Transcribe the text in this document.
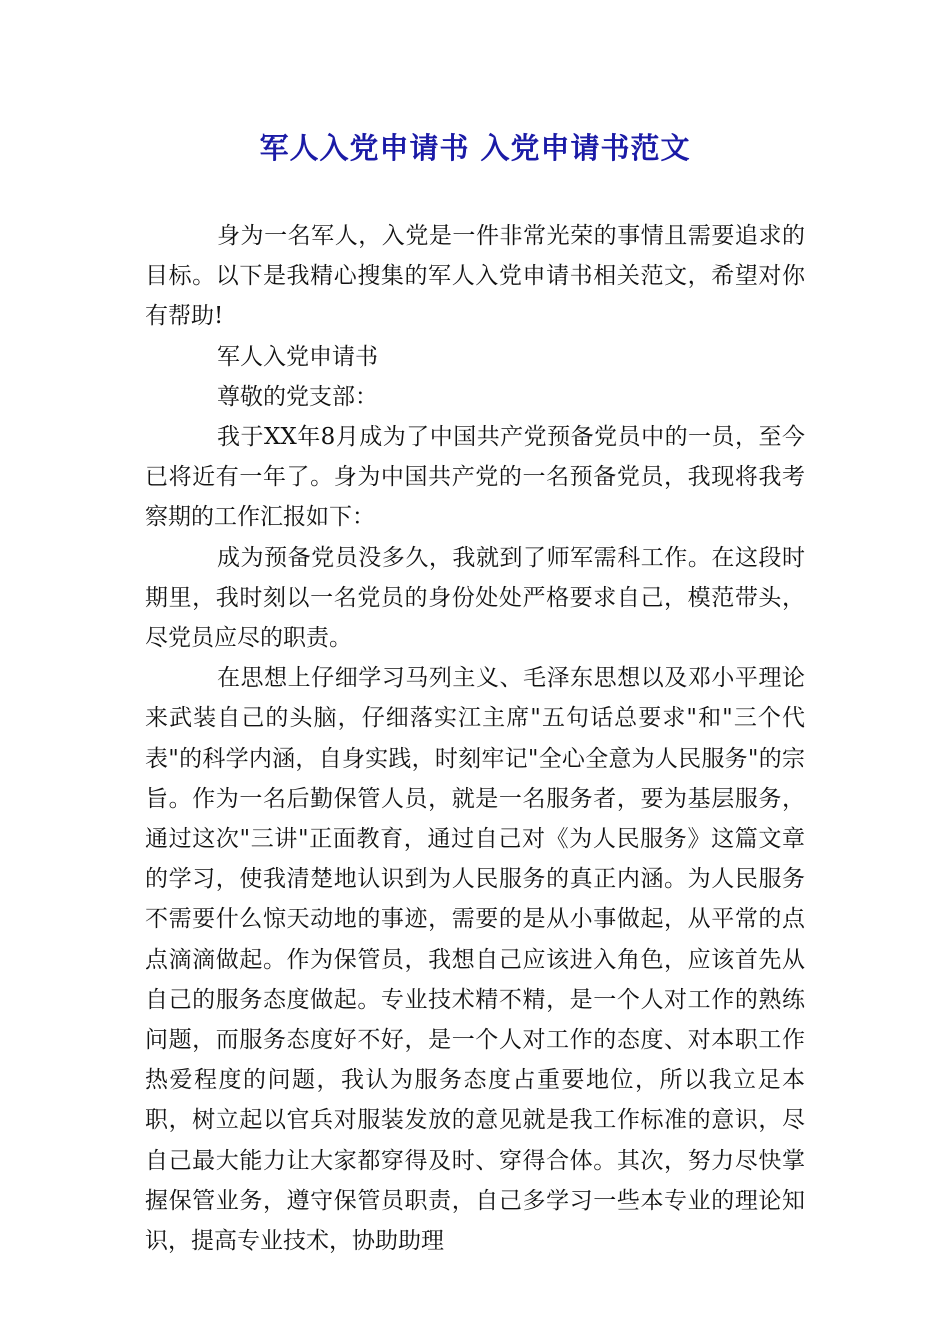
军人入党申请书 入党申请书范文

身为一名军人，入党是一件非常光荣的事情且需要追求的目标。以下是我精心搜集的军人入党申请书相关范文，希望对你有帮助!

军人入党申请书

尊敬的党支部：

我于XX年8月成为了中国共产党预备党员中的一员，至今已将近有一年了。身为中国共产党的一名预备党员，我现将我考察期的工作汇报如下：

成为预备党员没多久，我就到了师军需科工作。在这段时期里，我时刻以一名党员的身份处处严格要求自己，模范带头，尽党员应尽的职责。

在思想上仔细学习马列主义、毛泽东思想以及邓小平理论来武装自己的头脑，仔细落实江主席"五句话总要求"和"三个代表"的科学内涵，自身实践，时刻牢记"全心全意为人民服务"的宗旨。作为一名后勤保管人员，就是一名服务者，要为基层服务，通过这次"三讲"正面教育，通过自己对《为人民服务》这篇文章的学习，使我清楚地认识到为人民服务的真正内涵。为人民服务不需要什么惊天动地的事迹，需要的是从小事做起，从平常的点点滴滴做起。作为保管员，我想自己应该进入角色，应该首先从自己的服务态度做起。专业技术精不精，是一个人对工作的熟练问题，而服务态度好不好，是一个人对工作的态度、对本职工作热爱程度的问题，我认为服务态度占重要地位，所以我立足本职，树立起以官兵对服装发放的意见就是我工作标准的意识，尽自己最大能力让大家都穿得及时、穿得合体。其次，努力尽快掌握保管业务，遵守保管员职责，自己多学习一些本专业的理论知识，提高专业技术，协助助理
